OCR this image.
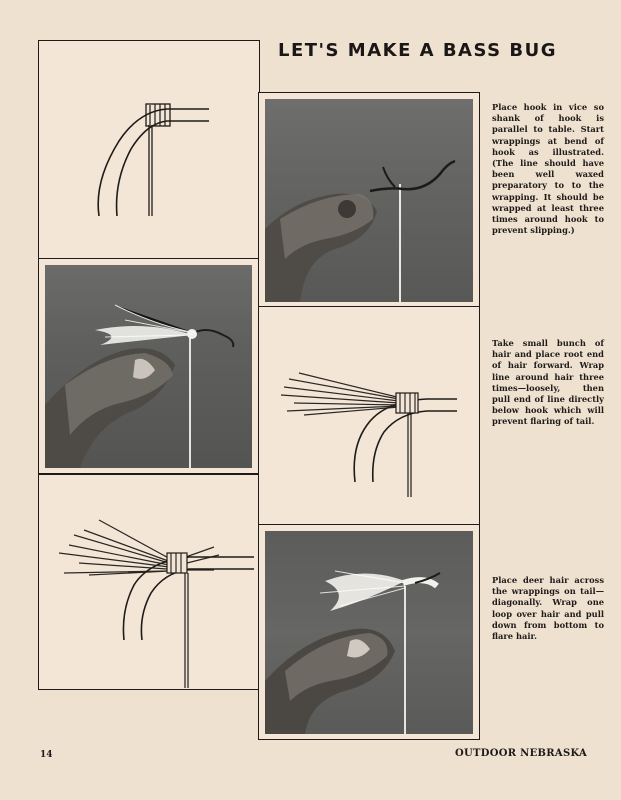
LET'S MAKE A BASS BUG
Place hook in vice so shank of hook is parallel to table. Start wrappings at bend of hook as illustrated. (The line should have been well waxed preparatory to to the wrapping. It should be wrapped at least three times around hook to prevent slipping.)
Take small bunch of hair and place root end of hair forward. Wrap line around hair three times—loosely, then pull end of line directly below hook which will prevent flaring of tail.
Place deer hair across the wrappings on tail—diagonally. Wrap one loop over hair and pull down from bottom to flare hair.
14	OUTDOOR NEBRASKA
